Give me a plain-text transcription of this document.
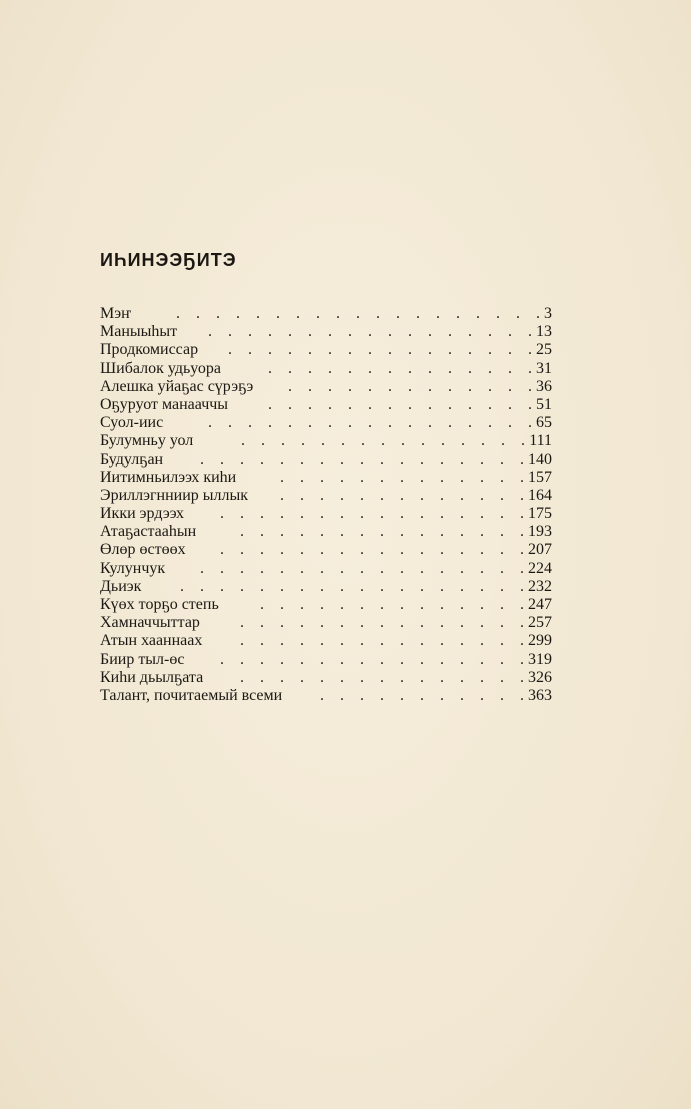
ИҺИНЭЭҔИТЭ
Мэҥ	3
. . . . . . . . . . . . . . . . . . .
Маныыhыт	13
. . . . . . . . . . . . . . . . .
Продкомиссар	25
. . . . . . . . . . . . . . . .
Шибалок удьуора	31
. . . . . . . . . . . . . .
Алешка уйаҕас сүрэҕэ	36
. . . . . . . . . . . . .
Оҕуруот манааччы	51
. . . . . . . . . . . . . .
Суол-иис	65
. . . . . . . . . . . . . . . . .
Булумньу уол	111
. . . . . . . . . . . . . . .
Будулҕан	140
. . . . . . . . . . . . . . . . .
Иитимньилээх киhи	157
. . . . . . . . . . . . .
Эриллэгнниир ыллык	164
. . . . . . . . . . . . .
Икки эрдээх	175
. . . . . . . . . . . . . . . .
Атаҕастааhын	193
. . . . . . . . . . . . . . .
Өлөр өстөөх	207
. . . . . . . . . . . . . . . .
Кулунчук	224
. . . . . . . . . . . . . . . . .
Дьиэк	232
. . . . . . . . . . . . . . . . . .
Күөх торҕо степь	247
. . . . . . . . . . . . . .
Хамначчыттар	257
. . . . . . . . . . . . . . .
Атын хааннаах	299
. . . . . . . . . . . . . . .
Бииp тыл-өс	319
. . . . . . . . . . . . . . . .
Киhи дьылҕата	326
. . . . . . . . . . . . . . .
Талант, почитаемый всеми	363
. . . . . . . . . . .
